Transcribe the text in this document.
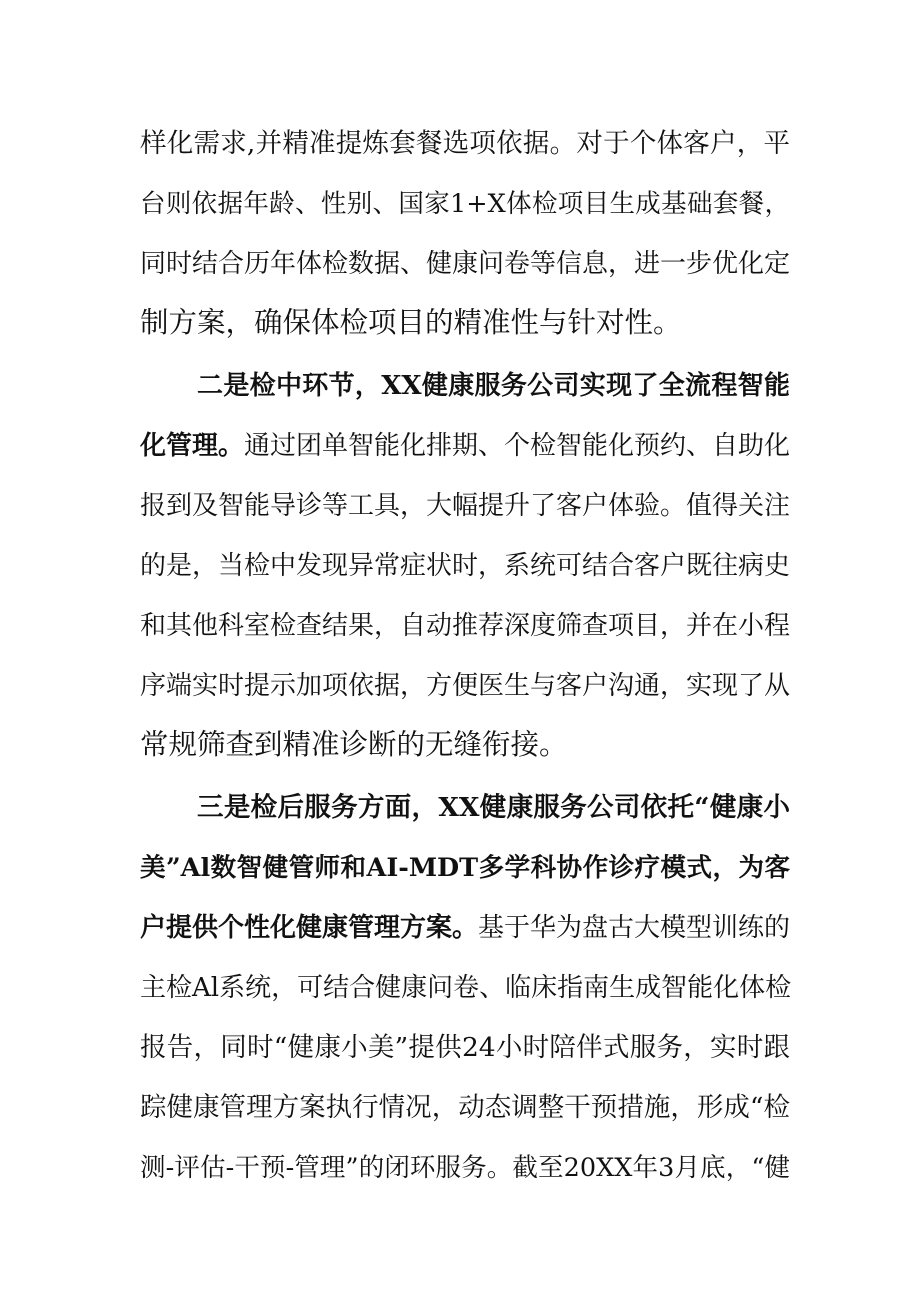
样化需求,并精准提炼套餐选项依据。对于个体客户，平

台则依据年龄、性别、国家1+X体检项目生成基础套餐，

同时结合历年体检数据、健康问卷等信息，进一步优化定

制方案，确保体检项目的精准性与针对性。

二是检中环节，XX健康服务公司实现了全流程智能

化管理。通过团单智能化排期、个检智能化预约、自助化

报到及智能导诊等工具，大幅提升了客户体验。值得关注

的是，当检中发现异常症状时，系统可结合客户既往病史

和其他科室检查结果，自动推荐深度筛查项目，并在小程

序端实时提示加项依据，方便医生与客户沟通，实现了从

常规筛查到精准诊断的无缝衔接。

三是检后服务方面，XX健康服务公司依托“健康小

美”Al数智健管师和AI-MDT多学科协作诊疗模式，为客

户提供个性化健康管理方案。基于华为盘古大模型训练的

主检Al系统，可结合健康问卷、临床指南生成智能化体检

报告，同时“健康小美”提供24小时陪伴式服务，实时跟

踪健康管理方案执行情况，动态调整干预措施，形成“检

测-评估-干预-管理”的闭环服务。截至20XX年3月底，“健
